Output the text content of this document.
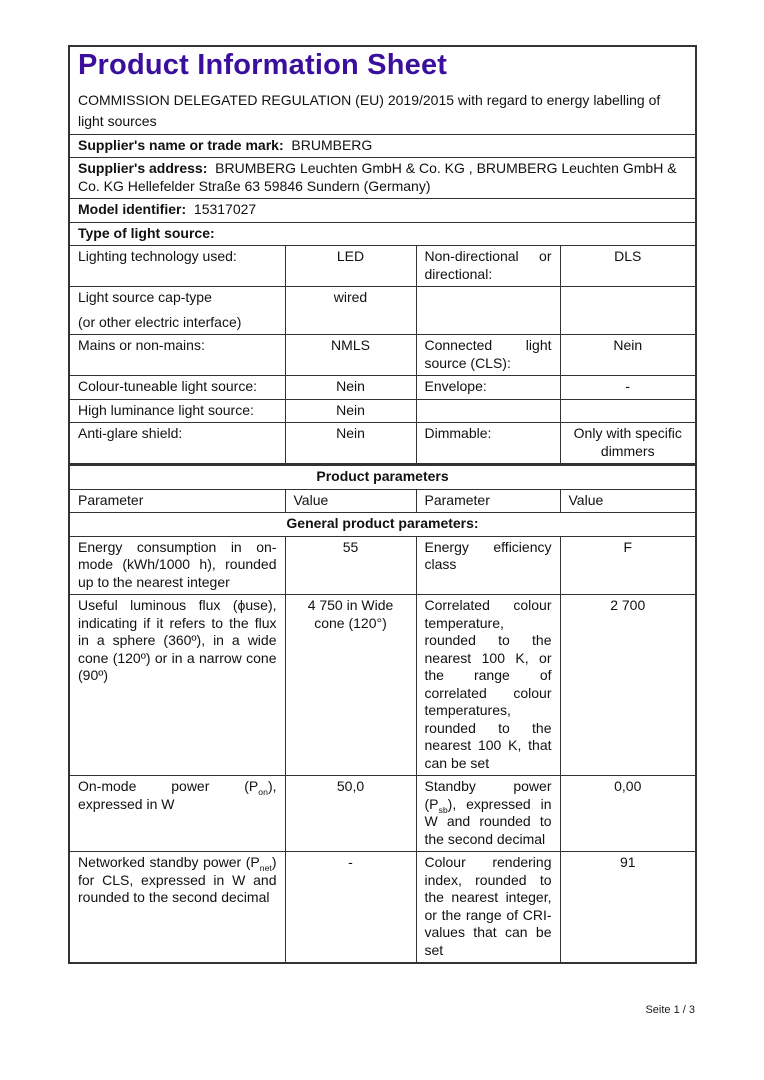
Product Information Sheet

COMMISSION DELEGATED REGULATION (EU) 2019/2015 with regard to energy labelling of light sources

Supplier's name or trade mark: BRUMBERG			
Supplier's address: BRUMBERG Leuchten GmbH & Co. KG , BRUMBERG Leuchten GmbH & Co. KG Hellefelder Straße 63 59846 Sundern (Germany)			
Model identifier: 15317027			
Type of light source:			
Lighting technology used:	LED	Non-directional or directional:	DLS

Light source cap-type
(or other electric interface)	wired		
Mains or non-mains:	NMLS	Connected light source (CLS):	Nein
Colour-tuneable light source:	Nein	Envelope:	-
High luminance light source:	Nein		
Anti-glare shield:	Nein	Dimmable:	Only with specific dimmers
Product parameters			
Parameter	Value	Parameter	Value
General product parameters:			
Energy consumption in on-mode (kWh/1000 h), rounded up to the nearest integer	55	Energy efficiency class	F
Useful luminous flux (ϕuse), indicating if it refers to the flux in a sphere (360º), in a wide cone (120º) or in a narrow cone (90º)	4 750 in Wide cone (120°)	Correlated colour temperature, rounded to the nearest 100 K, or the range of correlated colour temperatures, rounded to the nearest 100 K, that can be set	2 700
On-mode power $(P_{on})$, expressed in W	50,0	Standby power $(P_{sb})$, expressed in W and rounded to the second decimal	0,00
Networked standby power $(P_{net})$ for CLS, expressed in W and rounded to the second decimal	-	Colour rendering index, rounded to the nearest integer, or the range of CRI-values that can be set	91
Seite 1 / 3
